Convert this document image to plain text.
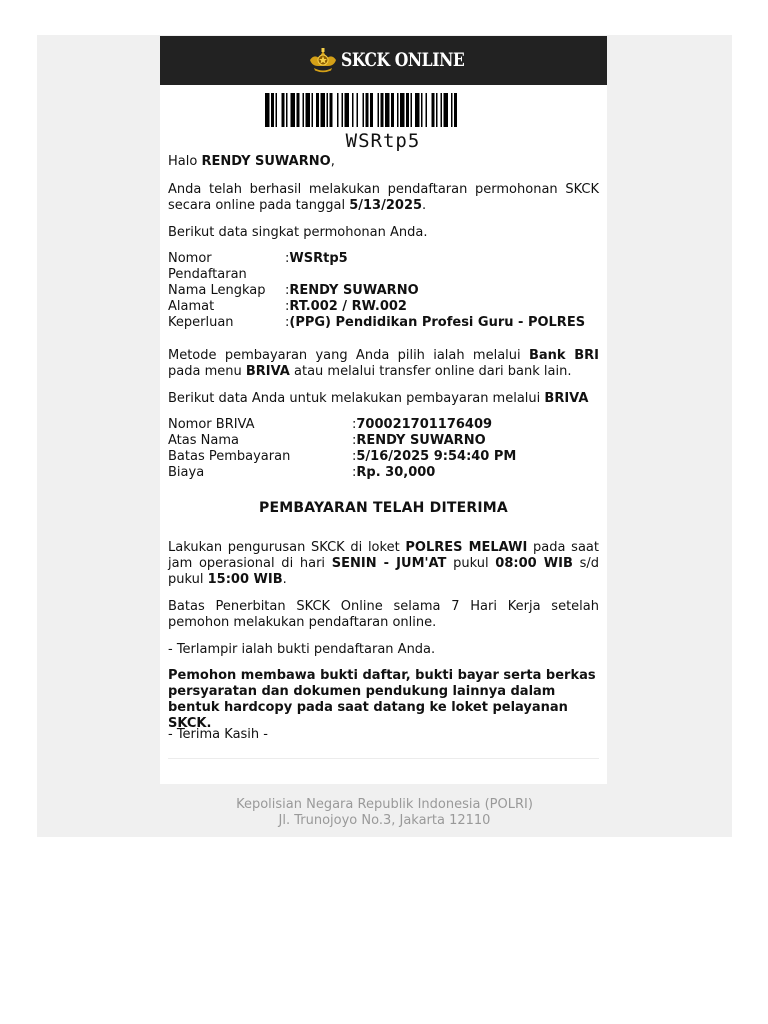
SKCK ONLINE
WSRtp5

Halo RENDY SUWARNO,

Anda telah berhasil melakukan pendaftaran permohonan SKCK secara online pada tanggal 5/13/2025.

Berikut data singkat permohonan Anda.

Nomor Pendaftaran
:WSRtp5
Nama Lengkap	:RENDY SUWARNO
Alamat	:RT.002 / RW.002
Keperluan	:(PPG) Pendidikan Profesi Guru - POLRES

Metode pembayaran yang Anda pilih ialah melalui Bank BRI pada menu BRIVA atau melalui transfer online dari bank lain.

Berikut data Anda untuk melakukan pembayaran melalui BRIVA

Nomor BRIVA	:700021701176409
Atas Nama	:RENDY SUWARNO
Batas Pembayaran	:5/16/2025 9:54:40 PM
Biaya	:Rp. 30,000
PEMBAYARAN TELAH DITERIMA

Lakukan pengurusan SKCK di loket POLRES MELAWI pada saat jam operasional di hari SENIN - JUM'AT pukul 08:00 WIB s/d pukul 15:00 WIB.

Batas Penerbitan SKCK Online selama 7 Hari Kerja setelah pemohon melakukan pendaftaran online.

- Terlampir ialah bukti pendaftaran Anda.

Pemohon membawa bukti daftar, bukti bayar serta berkas persyaratan dan dokumen pendukung lainnya dalam bentuk hardcopy pada saat datang ke loket pelayanan SKCK.

- Terima Kasih -

Kepolisian Negara Republik Indonesia (POLRI)
Jl. Trunojoyo No.3, Jakarta 12110
